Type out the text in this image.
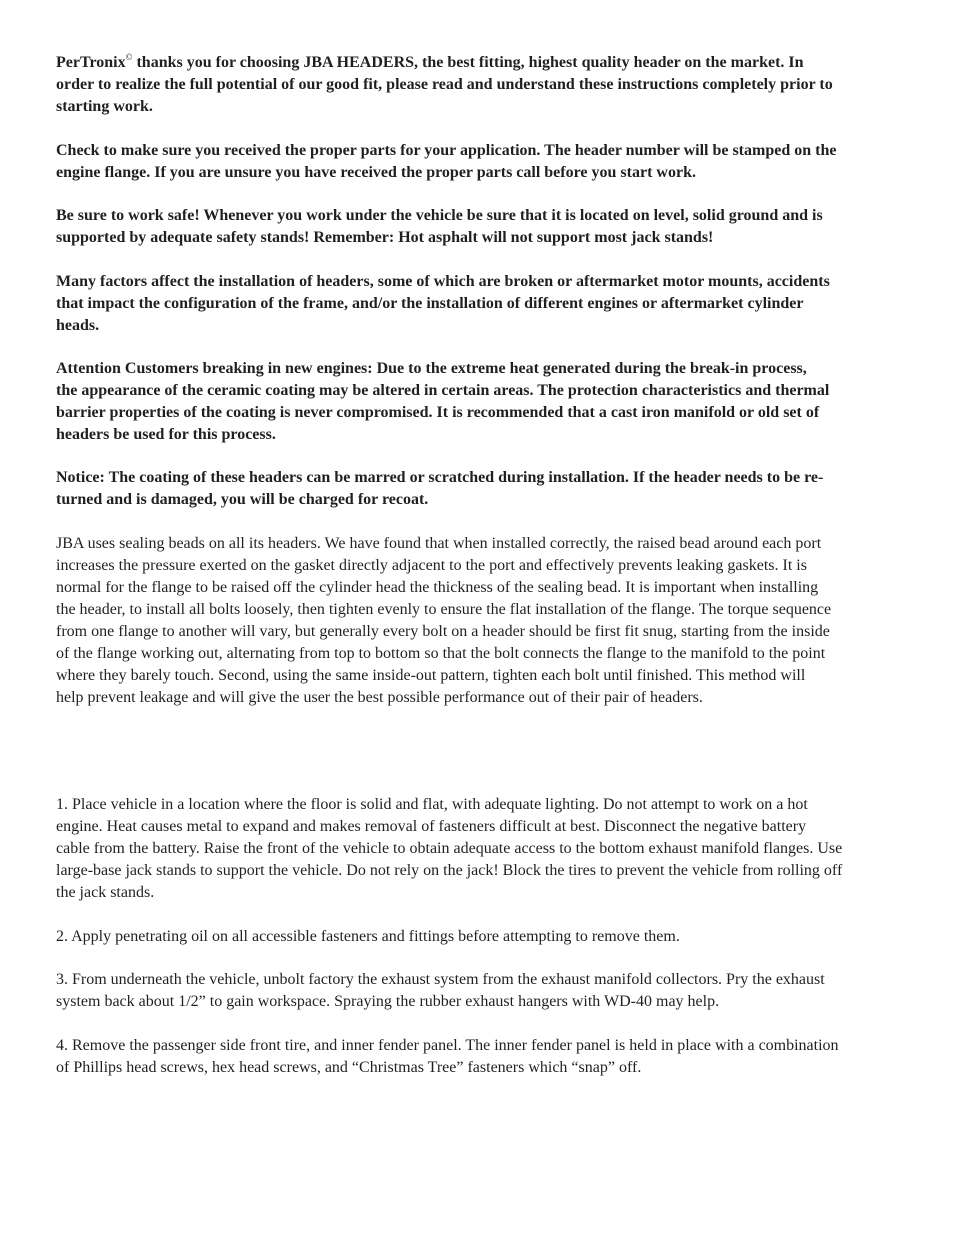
PerTronix© thanks you for choosing JBA HEADERS, the best fitting, highest quality header on the market. In
order to realize the full potential of our good fit, please read and understand these instructions completely prior to
starting work.

Check to make sure you received the proper parts for your application. The header number will be stamped on the
engine flange. If you are unsure you have received the proper parts call before you start work.

Be sure to work safe! Whenever you work under the vehicle be sure that it is located on level, solid ground and is
supported by adequate safety stands! Remember: Hot asphalt will not support most jack stands!

Many factors affect the installation of headers, some of which are broken or aftermarket motor mounts, accidents
that impact the configuration of the frame, and/or the installation of different engines or aftermarket cylinder
heads.

Attention Customers breaking in new engines: Due to the extreme heat generated during the break-in process,
the appearance of the ceramic coating may be altered in certain areas. The protection characteristics and thermal
barrier properties of the coating is never compromised. It is recommended that a cast iron manifold or old set of
headers be used for this process.

Notice: The coating of these headers can be marred or scratched during installation. If the header needs to be re-
turned and is damaged, you will be charged for recoat.

JBA uses sealing beads on all its headers. We have found that when installed correctly, the raised bead around each port
increases the pressure exerted on the gasket directly adjacent to the port and effectively prevents leaking gaskets. It is
normal for the flange to be raised off the cylinder head the thickness of the sealing bead. It is important when installing
the header, to install all bolts loosely, then tighten evenly to ensure the flat installation of the flange. The torque sequence
from one flange to another will vary, but generally every bolt on a header should be first fit snug, starting from the inside
of the flange working out, alternating from top to bottom so that the bolt connects the flange to the manifold to the point
where they barely touch. Second, using the same inside-out pattern, tighten each bolt until finished. This method will
help prevent leakage and will give the user the best possible performance out of their pair of headers.

1. Place vehicle in a location where the floor is solid and flat, with adequate lighting. Do not attempt to work on a hot
engine. Heat causes metal to expand and makes removal of fasteners difficult at best. Disconnect the negative battery
cable from the battery. Raise the front of the vehicle to obtain adequate access to the bottom exhaust manifold flanges. Use
large-base jack stands to support the vehicle. Do not rely on the jack! Block the tires to prevent the vehicle from rolling off
the jack stands.

2. Apply penetrating oil on all accessible fasteners and fittings before attempting to remove them.

3. From underneath the vehicle, unbolt factory the exhaust system from the exhaust manifold collectors. Pry the exhaust
system back about 1/2” to gain workspace. Spraying the rubber exhaust hangers with WD-40 may help.

4. Remove the passenger side front tire, and inner fender panel. The inner fender panel is held in place with a combination
of Phillips head screws, hex head screws, and “Christmas Tree” fasteners which “snap” off.
